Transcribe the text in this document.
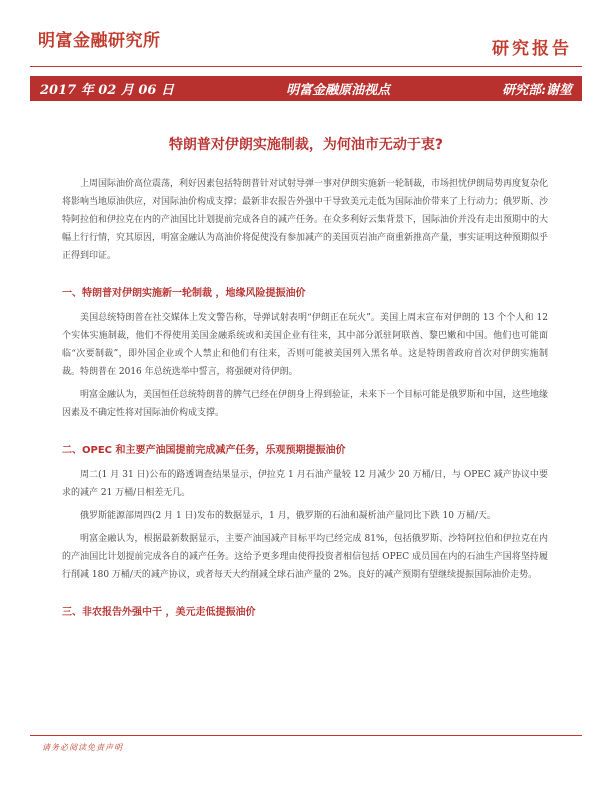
明富金融研究所	研究报告
2017 年 02 月 06 日	明富金融原油视点	研究部:谢堃
特朗普对伊朗实施制裁，为何油市无动于衷?

上周国际油价高位震荡，利好因素包括特朗普针对试射导弹一事对伊朗实施新一轮制裁，市场担忧伊朗局势再度复杂化将影响当地原油供应，对国际油价构成支撑；最新非农报告外强中干导致美元走低为国际油价带来了上行动力；俄罗斯、沙特阿拉伯和伊拉克在内的产油国比计划提前完成各自的减产任务。在众多利好云集背景下，国际油价并没有走出预期中的大幅上行行情，究其原因，明富金融认为高油价将促使没有参加减产的美国页岩油产商重新推高产量，事实证明这种预期似乎正得到印证。

一、特朗普对伊朗实施新一轮制裁 ，地缘风险提振油价

美国总统特朗普在社交媒体上发文警告称，导弹试射表明“伊朗正在玩火”。美国上周末宣布对伊朗的 13 个个人和 12 个实体实施制裁，他们不得使用美国金融系统或和美国企业有往来，其中部分派驻阿联酋、黎巴嫩和中国。他们也可能面临“次要制裁”，即外国企业或个人禁止和他们有往来，否则可能被美国列入黑名单。这是特朗普政府首次对伊朗实施制裁。特朗普在 2016 年总统选举中誓言，将强硬对待伊朗。

明富金融认为，美国恒任总统特朗普的脾气已经在伊朗身上得到验证，未来下一个目标可能是俄罗斯和中国，这些地缘因素及不确定性将对国际油价构成支撑。

二、OPEC 和主要产油国提前完成减产任务，乐观预期提振油价

周二(1 月 31 日)公布的路透调查结果显示，伊拉克 1 月石油产量较 12 月减少 20 万桶/日，与 OPEC 减产协议中要求的减产 21 万桶/日相差无几。

俄罗斯能源部周四(2 月 1 日)发布的数据显示，1 月，俄罗斯的石油和凝析油产量同比下跌 10 万桶/天。

明富金融认为，根据最新数据显示，主要产油国减产目标平均已经完成 81%，包括俄罗斯、沙特阿拉伯和伊拉克在内的产油国比计划提前完成各自的减产任务。这给予更多理由使得投资者相信包括 OPEC 成员国在内的石油生产国将坚持履行削减 180 万桶/天的减产协议，或者每天大约削减全球石油产量的 2%。良好的减产预期有望继续提振国际油价走势。

三、非农报告外强中干 ，美元走低提振油价
请务必阅读免责声明
